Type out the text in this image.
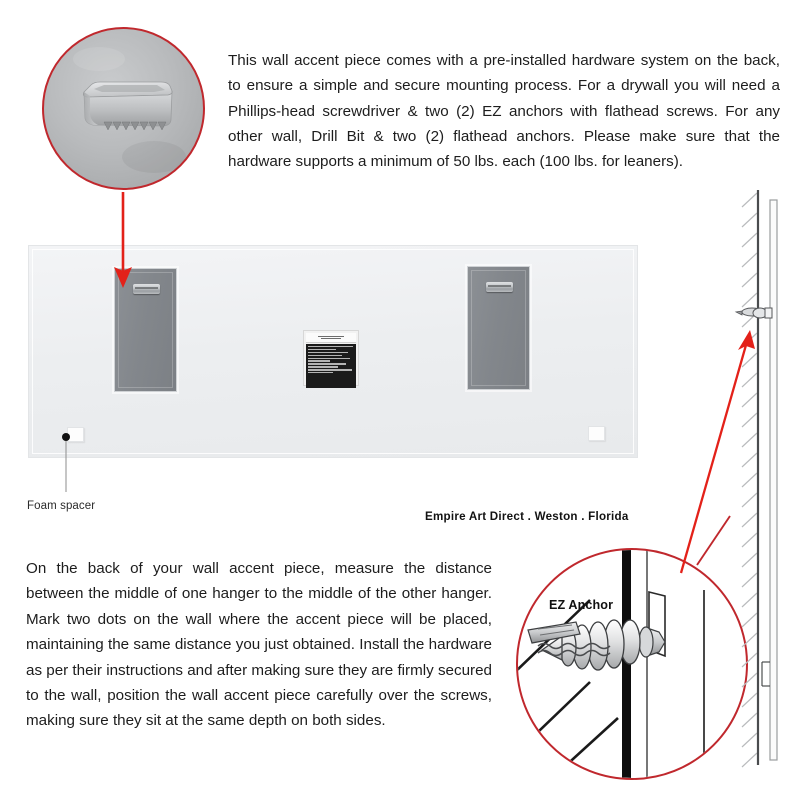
This wall accent piece comes with a pre-installed hardware system on the back, to ensure a simple and secure mounting process. For a drywall you will need a Phillips-head screwdriver & two (2) EZ anchors with flathead screws. For any other wall, Drill Bit & two (2) flathead anchors. Please make sure that the hardware supports a minimum of 50 lbs. each (100 lbs. for leaners).
Foam spacer
Empire Art Direct . Weston . Florida
On the back of your wall accent piece, measure the distance between the middle of one hanger to the middle of the other hanger. Mark two dots on the wall where the accent piece will be placed, maintaining the same distance you just obtained. Install the hardware as per their instructions and after making sure they are firmly secured to the wall, position the wall accent piece carefully over the screws, making sure they sit at the same depth on both sides.
EZ Anchor
